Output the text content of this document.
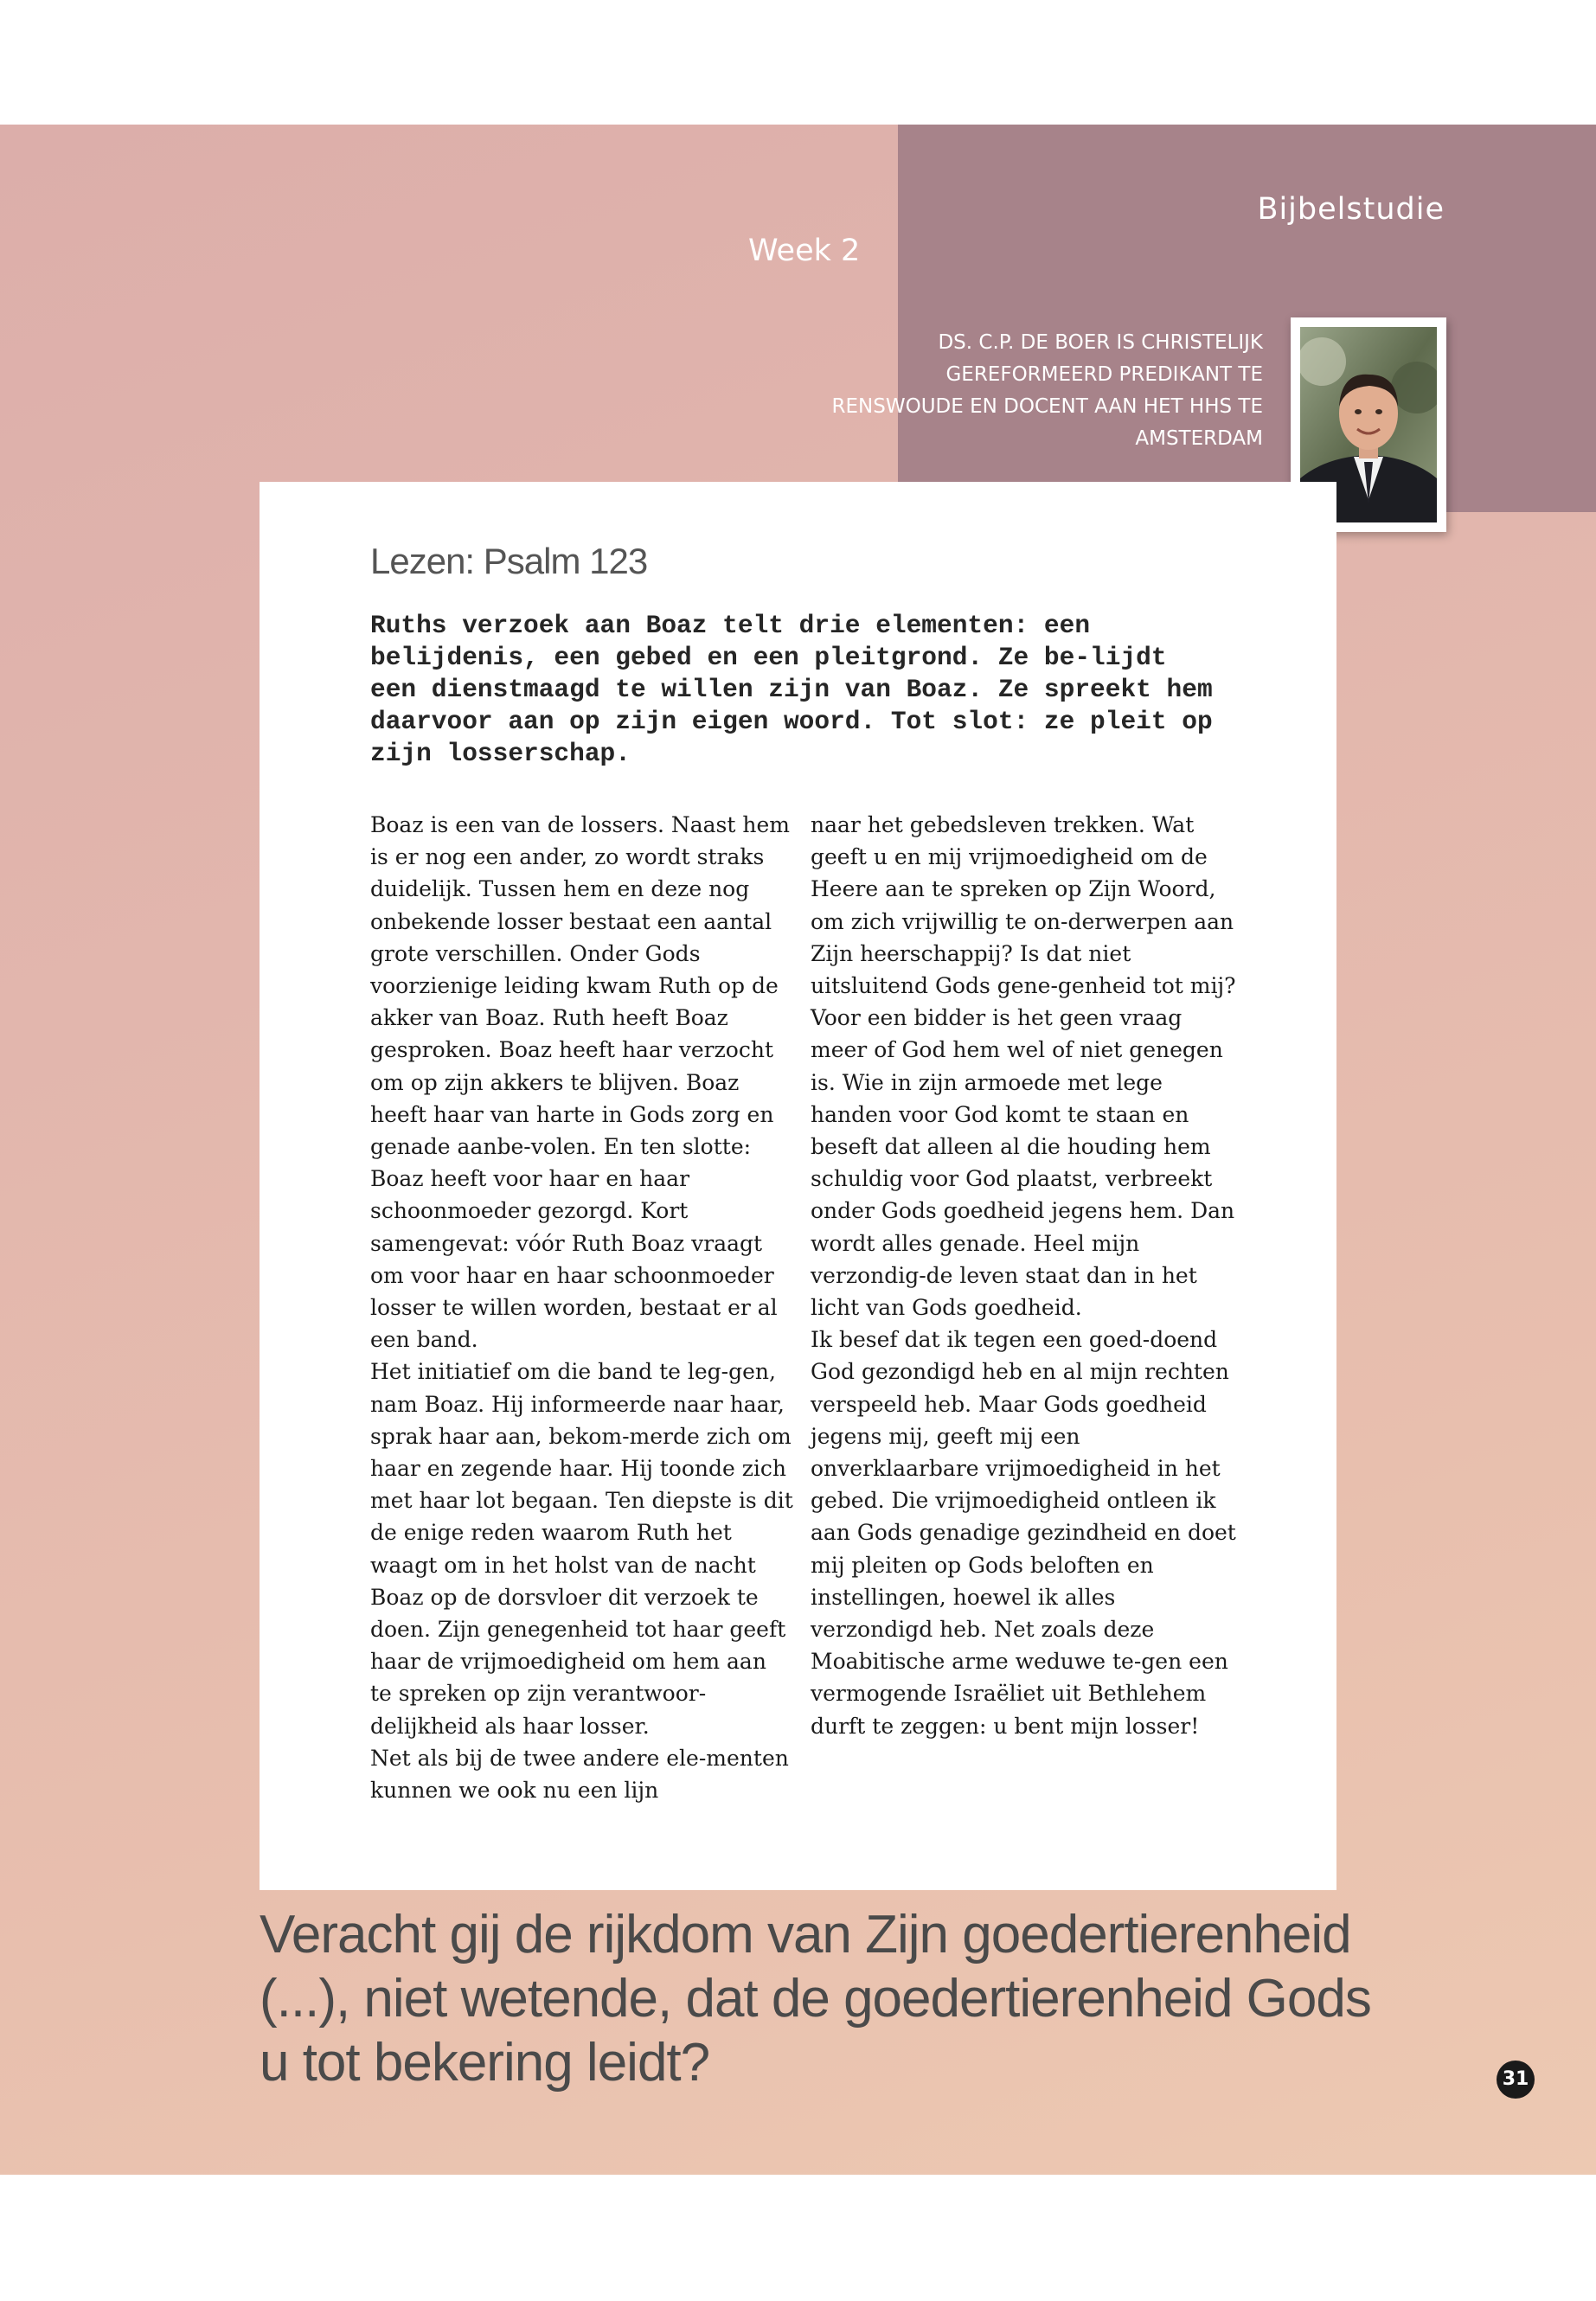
Bijbelstudie
Week 2

DS. C.P. DE BOER IS CHRISTELIJK GEREFORMEERD PREDIKANT TE RENSWOUDE EN DOCENT AAN HET HHS TE AMSTERDAM

Lezen: Psalm 123

Ruths verzoek aan Boaz telt drie elementen: een belijdenis, een gebed en een pleitgrond. Ze be-lijdt een dienstmaagd te willen zijn van Boaz. Ze spreekt hem daarvoor aan op zijn eigen woord. Tot slot: ze pleit op zijn losserschap.

Boaz is een van de lossers. Naast hem is er nog een ander, zo wordt straks duidelijk. Tussen hem en deze nog onbekende losser bestaat een aantal grote verschillen. Onder Gods voorzienige leiding kwam Ruth op de akker van Boaz. Ruth heeft Boaz gesproken. Boaz heeft haar verzocht om op zijn akkers te blijven. Boaz heeft haar van harte in Gods zorg en genade aanbe-volen. En ten slotte: Boaz heeft voor haar en haar schoonmoeder gezorgd. Kort samengevat: vóór Ruth Boaz vraagt om voor haar en haar schoonmoeder losser te willen worden, bestaat er al een band.
Het initiatief om die band te leg-gen, nam Boaz. Hij informeerde naar haar, sprak haar aan, bekom-merde zich om haar en zegende haar. Hij toonde zich met haar lot begaan. Ten diepste is dit de enige reden waarom Ruth het waagt om in het holst van de nacht Boaz op de dorsvloer dit verzoek te doen. Zijn genegenheid tot haar geeft haar de vrijmoedigheid om hem aan te spreken op zijn verantwoor-delijkheid als haar losser.
Net als bij de twee andere ele-menten kunnen we ook nu een lijn

naar het gebedsleven trekken. Wat geeft u en mij vrijmoedigheid om de Heere aan te spreken op Zijn Woord, om zich vrijwillig te on-derwerpen aan Zijn heerschappij? Is dat niet uitsluitend Gods gene-genheid tot mij? Voor een bidder is het geen vraag meer of God hem wel of niet genegen is. Wie in zijn armoede met lege handen voor God komt te staan en beseft dat alleen al die houding hem schuldig voor God plaatst, verbreekt onder Gods goedheid jegens hem. Dan wordt alles genade. Heel mijn verzondig-de leven staat dan in het licht van Gods goedheid.
Ik besef dat ik tegen een goed-doend God gezondigd heb en al mijn rechten verspeeld heb. Maar Gods goedheid jegens mij, geeft mij een onverklaarbare vrijmoedigheid in het gebed. Die vrijmoedigheid ontleen ik aan Gods genadige gezindheid en doet mij pleiten op Gods beloften en instellingen, hoewel ik alles verzondigd heb. Net zoals deze Moabitische arme weduwe te-gen een vermogende Israëliet uit Bethlehem durft te zeggen: u bent mijn losser!

Veracht gij de rijkdom van Zijn goedertierenheid
(...), niet wetende, dat de goedertierenheid Gods
u tot bekering leidt?	31
